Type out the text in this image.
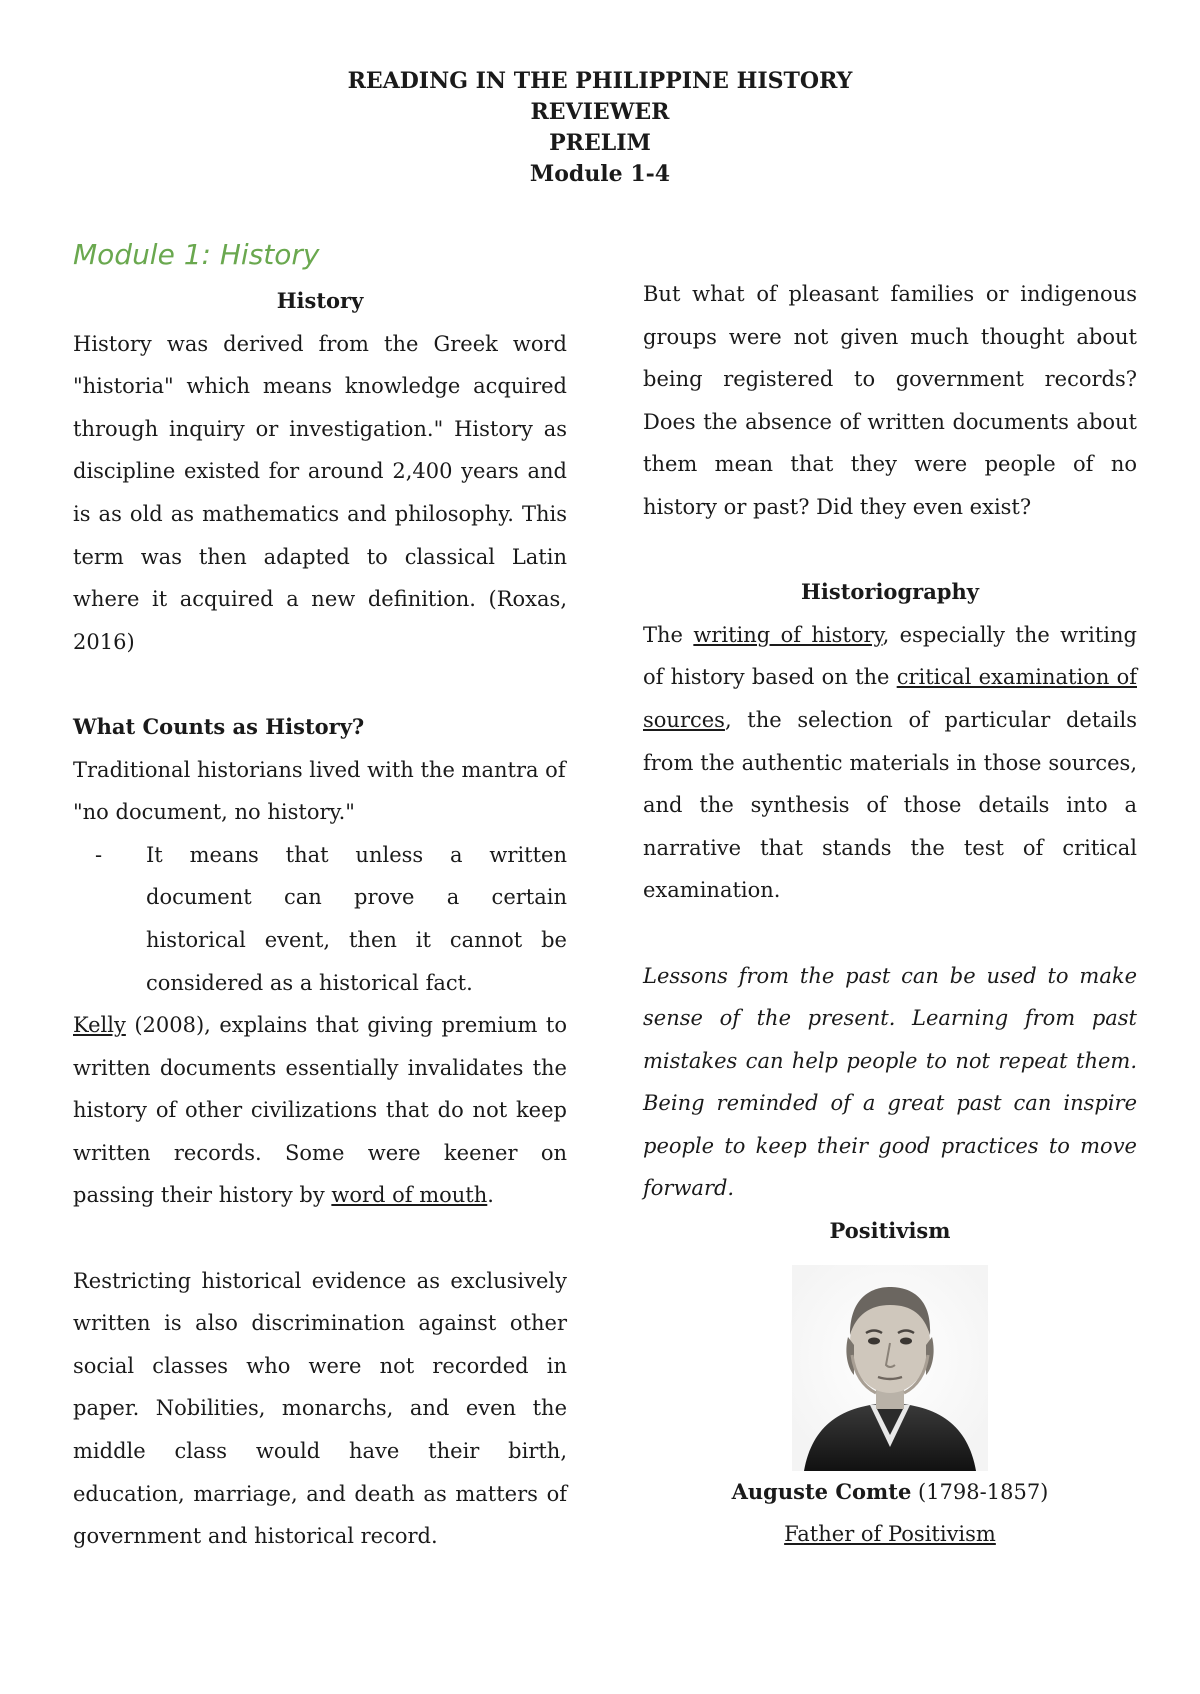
READING IN THE PHILIPPINE HISTORY
REVIEWER
PRELIM
Module 1-4
Module 1: History

History

History was derived from the Greek word "historia" which means knowledge acquired through inquiry or investigation." History as discipline existed for around 2,400 years and is as old as mathematics and philosophy. This term was then adapted to classical Latin where it acquired a new definition. (Roxas, 2016)

What Counts as History?

Traditional historians lived with the mantra of

"no document, no history."

-	It means that unless a written document can prove a certain historical event, then it cannot be considered as a historical fact.

Kelly (2008), explains that giving premium to written documents essentially invalidates the history of other civilizations that do not keep written records. Some were keener on passing their history by word of mouth.

Restricting historical evidence as exclusively written is also discrimination against other social classes who were not recorded in paper. Nobilities, monarchs, and even the middle class would have their birth, education, marriage, and death as matters of government and historical record.

But what of pleasant families or indigenous groups were not given much thought about being registered to government records? Does the absence of written documents about them mean that they were people of no history or past? Did they even exist?

Historiography

The writing of history, especially the writing of history based on the critical examination of sources, the selection of particular details from the authentic materials in those sources, and the synthesis of those details into a narrative that stands the test of critical examination.

Lessons from the past can be used to make sense of the present. Learning from past mistakes can help people to not repeat them. Being reminded of a great past can inspire people to keep their good practices to move forward.

Positivism

Auguste Comte (1798-1857)

Father of Positivism
